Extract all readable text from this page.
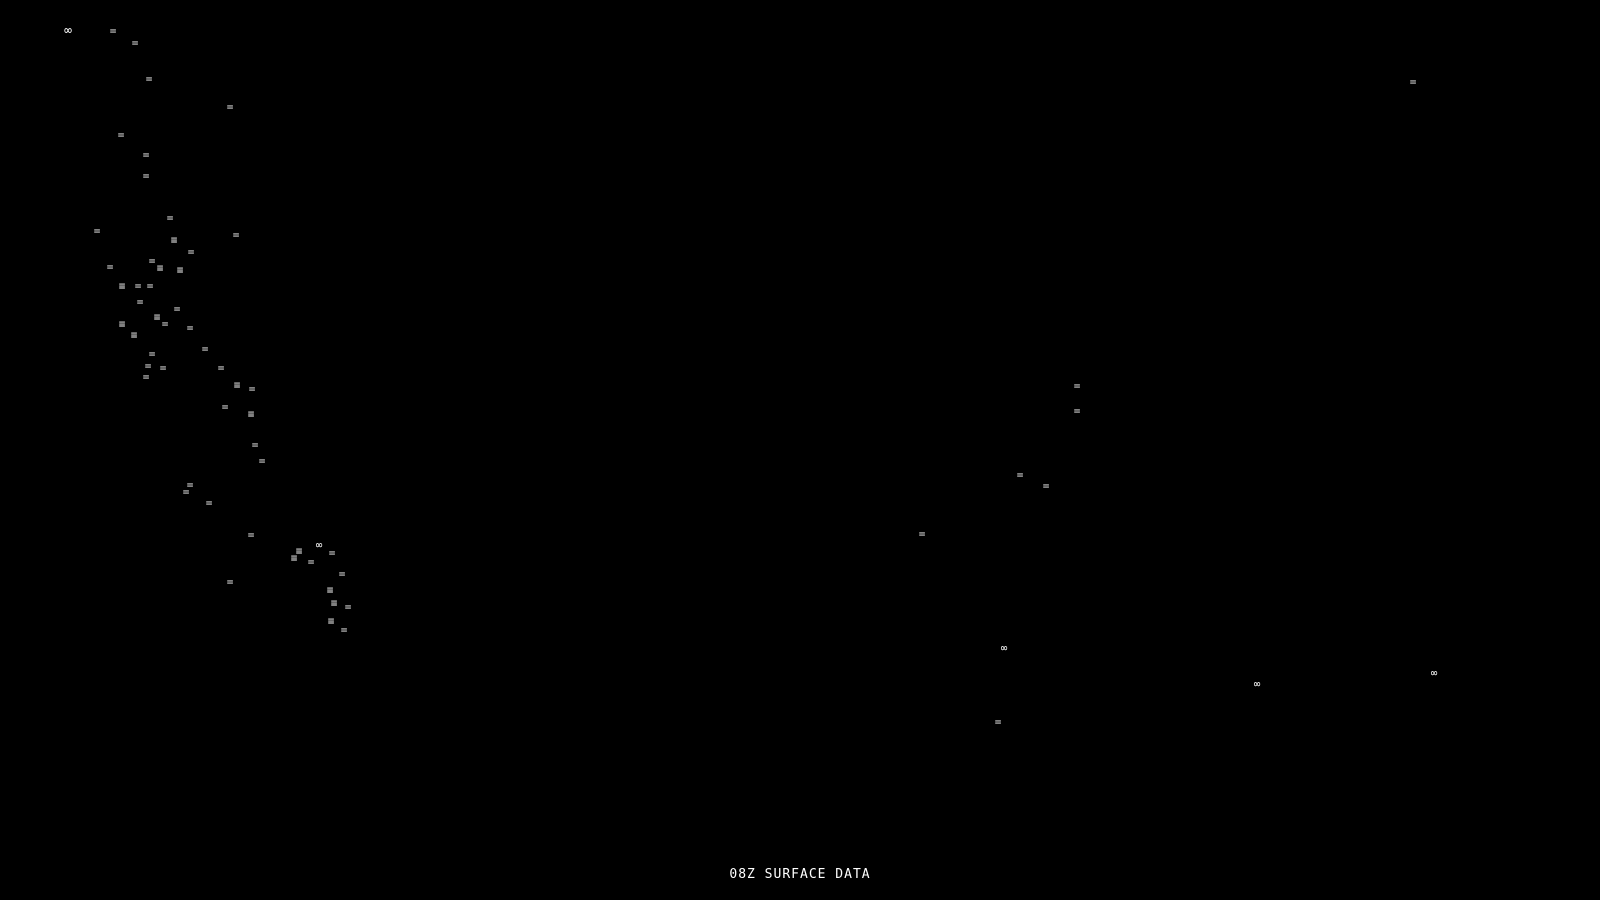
∞	=
=
=
=
=
=
=
=
=	=
≡
=
=
=	≡ ≡
≡ = =
=
=
≡
≡	= =
≡
=
=
=
= =
=
≡ =
=
≡
=
=
=
=
=
=
∞
≡ =
≡ =
=
=
≡
≡ =
≡
=
=
=
=
=
=
=
∞
∞
∞
=
08Z SURFACE DATA
